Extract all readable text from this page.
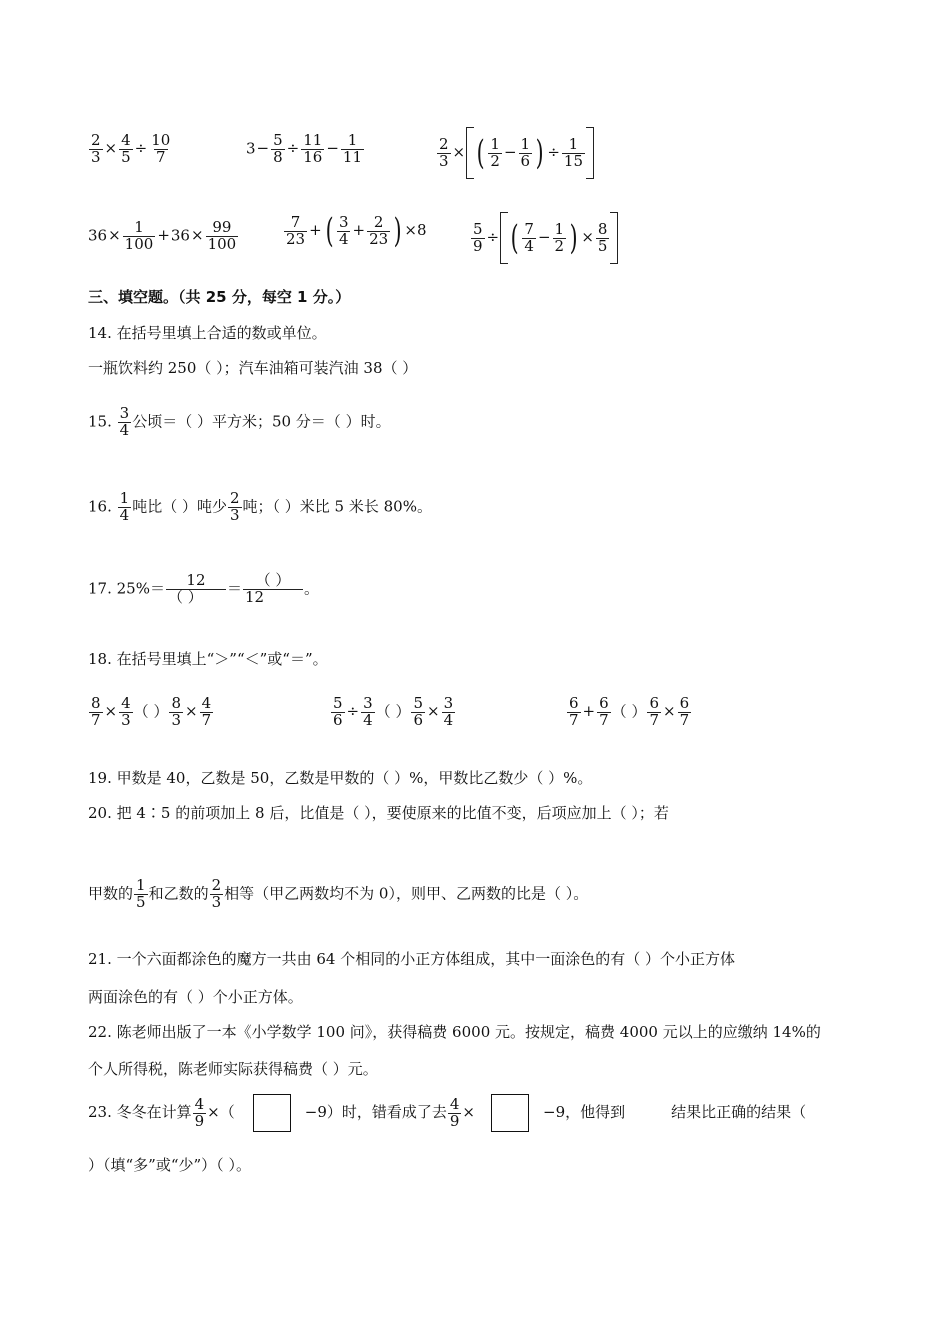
$\frac{2}{3} \times \frac{4}{5} \div \frac{10}{7}$	$3- \frac{5}{8} \div \frac{11}{16} - \frac{1}{11}$	$\frac{2}{3}$ × ( $\frac{1}{2} - \frac{1}{6}$ ) ÷ $\frac{1}{15}$
$36\times \frac{1}{100} +36\times \frac{99}{100}$	$\frac{7}{23}$ + ( $\frac{3}{4} + \frac{2}{23}$ ) ×8	$\frac{5}{9}$ ÷ ( $\frac{7}{4} - \frac{1}{2}$ ) × $\frac{8}{5}$
三、填空题。（共 25 分，每空 1 分。）
14. 在括号里填上合适的数或单位。
一瓶饮料约 250（ ）；汽车油箱可装汽油 38（ ）
15. $\frac{3}{4}$ 公顷＝（ ）平方米；50 分＝（ ）时。
16. $\frac{1}{4}$ 吨比（ ）吨少 $\frac{2}{3}$ 吨；（ ）米比 5 米长 80%。
17. $25\%= \frac{12}{( )} = \frac{( )}{12}$ 。
18. 在括号里填上“＞”“＜”或“＝”。
$\frac{8}{7} \times \frac{4}{3}$ （ ） $\frac{8}{3} \times \frac{4}{7}$	$\frac{5}{6} \div \frac{3}{4}$ （ ） $\frac{5}{6} \times \frac{3}{4}$	$\frac{6}{7} + \frac{6}{7}$ （ ） $\frac{6}{7} \times \frac{6}{7}$
19. 甲数是 40，乙数是 50，乙数是甲数的（ ）%，甲数比乙数少（ ）%。
20. 把 4∶5 的前项加上 8 后，比值是（ ），要使原来的比值不变，后项应加上（ ）；若
甲数的 $\frac{1}{5}$ 和乙数的 $\frac{2}{3}$ 相等（甲乙两数均不为 0），则甲、乙两数的比是（ ）。
21. 一个六面都涂色的魔方一共由 64 个相同的小正方体组成，其中一面涂色的有（ ）个小正方体
两面涂色的有（ ）个小正方体。
22. 陈老师出版了一本《小学数学 100 问》，获得稿费 6000 元。按规定，稿费 4000 元以上的应缴纳 14%的
个人所得税，陈老师实际获得稿费（ ）元。
23. 冬冬在计算 $\frac{4}{9}$ ×（	−9）时，错看成了去 $\frac{4}{9}$ ×	−9，他得到	结果比正确的结果（
）（填“多”或“少”）（ ）。
